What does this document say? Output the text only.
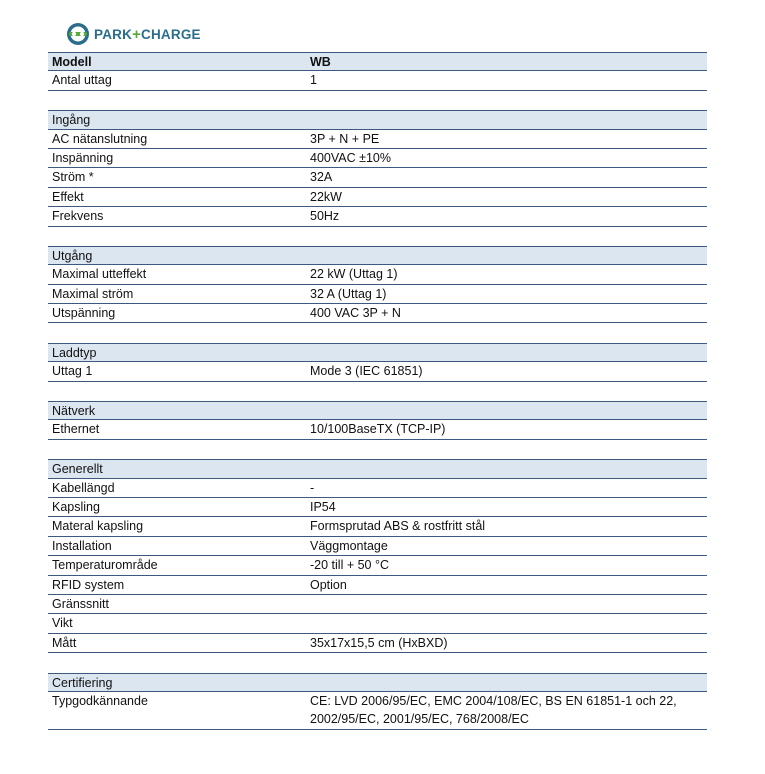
PARK+CHARGE
Modell	WB
Antal uttag	1
Ingång
AC nätanslutning	3P + N + PE
Inspänning	400VAC ±10%
Ström *	32A
Effekt	22kW
Frekvens	50Hz
Utgång
Maximal utteffekt	22 kW (Uttag 1)
Maximal ström	32 A (Uttag 1)
Utspänning	400 VAC 3P + N
Laddtyp
Uttag 1	Mode 3 (IEC 61851)
Nätverk
Ethernet	10/100BaseTX (TCP-IP)
Generellt
Kabellängd	-
Kapsling	IP54
Materal kapsling	Formsprutad ABS & rostfritt stål
Installation	Väggmontage
Temperaturområde	-20 till + 50 °C
RFID system	Option
Gränssnitt
Vikt
Mått	35x17x15,5 cm (HxBXD)
Certifiering
Typgodkännande	CE: LVD 2006/95/EC, EMC 2004/108/EC, BS EN 61851-1 och 22, 2002/95/EC, 2001/95/EC, 768/2008/EC
